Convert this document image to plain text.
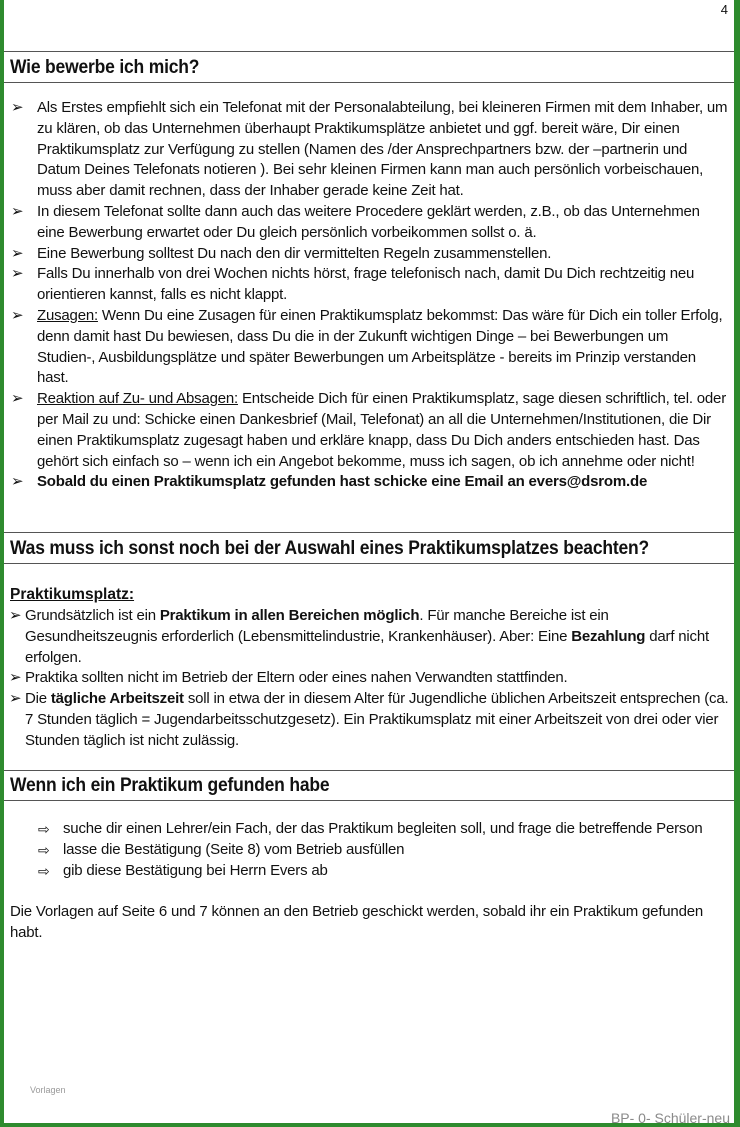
4
Wie bewerbe ich mich?
➢ Als Erstes empfiehlt sich ein Telefonat mit der Personalabteilung, bei kleineren Firmen mit dem Inhaber, um zu klären, ob das Unternehmen überhaupt Praktikumsplätze anbietet und ggf. bereit wäre, Dir einen Praktikumsplatz zur Verfügung zu stellen (Namen des /der Ansprechpartners bzw. der –partnerin und Datum Deines Telefonats notieren ). Bei sehr kleinen Firmen kann man auch persönlich vorbeischauen, muss aber damit rechnen, dass der Inhaber gerade keine Zeit hat.
➢ In diesem Telefonat sollte dann auch das weitere Procedere geklärt werden, z.B., ob das Unternehmen eine Bewerbung erwartet oder Du gleich persönlich vorbeikommen sollst o. ä.
➢ Eine Bewerbung solltest Du nach den dir vermittelten Regeln zusammenstellen.
➢ Falls Du innerhalb von drei Wochen nichts hörst, frage telefonisch nach, damit Du Dich rechtzeitig neu orientieren kannst, falls es nicht klappt.
➢ Zusagen: Wenn Du eine Zusagen für einen Praktikumsplatz bekommst: Das wäre für Dich ein toller Erfolg, denn damit hast Du bewiesen, dass Du die in der Zukunft wichtigen Dinge – bei Bewerbungen um Studien-, Ausbildungsplätze und später Bewerbungen um Arbeitsplätze - bereits im Prinzip verstanden hast.
➢ Reaktion auf Zu- und Absagen: Entscheide Dich für einen Praktikumsplatz, sage diesen schriftlich, tel. oder per Mail zu und: Schicke einen Dankesbrief (Mail, Telefonat) an all die Unternehmen/Institutionen, die Dir einen Praktikumsplatz zugesagt haben und erkläre knapp, dass Du Dich anders entschieden hast. Das gehört sich einfach so – wenn ich ein Angebot bekomme, muss ich sagen, ob ich annehme oder nicht!
➢ Sobald du einen Praktikumsplatz gefunden hast schicke eine Email an evers@dsrom.de
Was muss ich sonst noch bei der Auswahl eines Praktikumsplatzes beachten?
Praktikumsplatz:
➢ Grundsätzlich ist ein Praktikum in allen Bereichen möglich. Für manche Bereiche ist ein Gesundheitszeugnis erforderlich (Lebensmittelindustrie, Krankenhäuser). Aber: Eine Bezahlung darf nicht erfolgen.
➢ Praktika sollten nicht im Betrieb der Eltern oder eines nahen Verwandten stattfinden.
➢ Die tägliche Arbeitszeit soll in etwa der in diesem Alter für Jugendliche üblichen Arbeitszeit entsprechen (ca. 7 Stunden täglich = Jugendarbeitsschutzgesetz). Ein Praktikumsplatz mit einer Arbeitszeit von drei oder vier Stunden täglich ist nicht zulässig.
Wenn ich ein Praktikum gefunden habe
⇨ suche dir einen Lehrer/ein Fach, der das Praktikum begleiten soll, und frage die betreffende Person
⇨ lasse die Bestätigung (Seite 8) vom Betrieb ausfüllen
⇨ gib diese Bestätigung bei Herrn Evers ab
Die Vorlagen auf Seite 6 und 7 können an den Betrieb geschickt werden, sobald ihr ein Praktikum gefunden habt.
Vorlagen
BP- 0- Schüler-neu
